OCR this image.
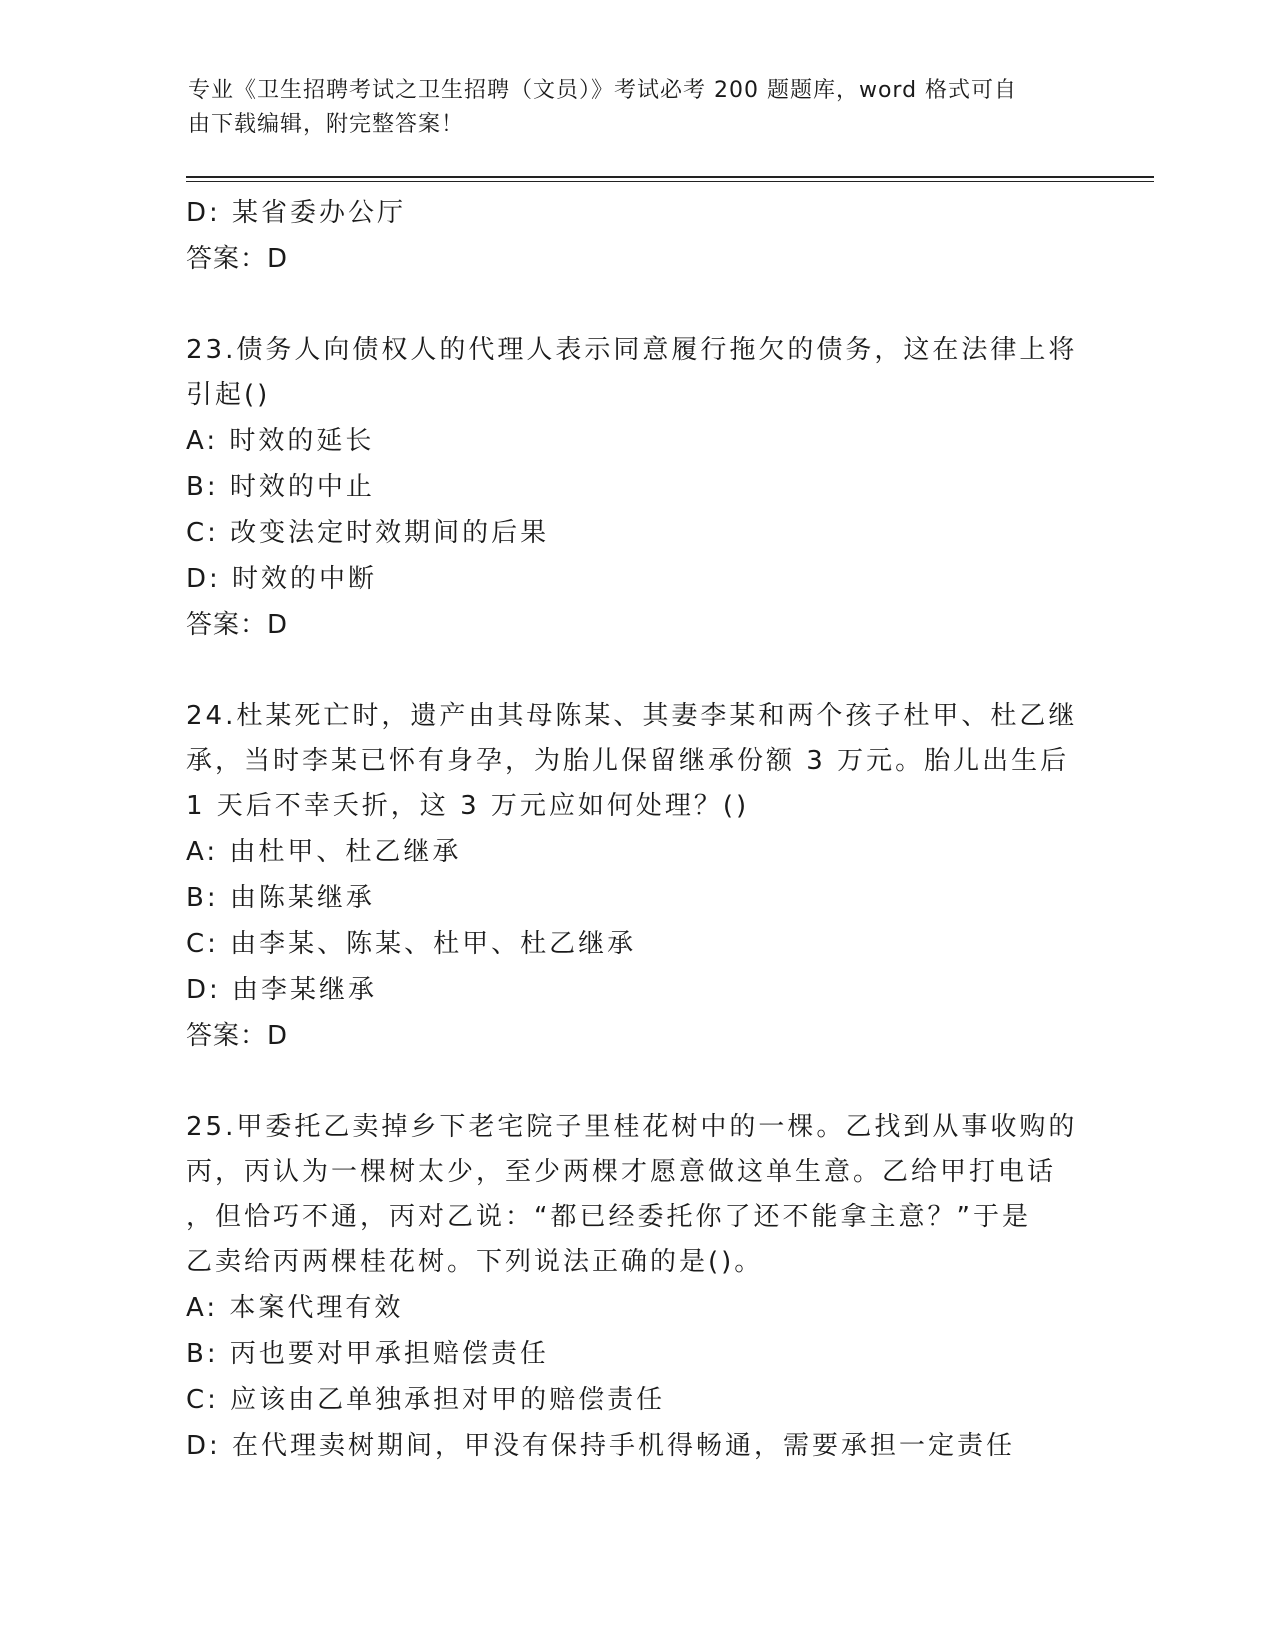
专业《卫生招聘考试之卫生招聘（文员）》考试必考 200 题题库，word 格式可自
由下载编辑，附完整答案！
D: 某省委办公厅
答案：D
23.债务人向债权人的代理人表示同意履行拖欠的债务，这在法律上将
引起()
A: 时效的延长
B: 时效的中止
C: 改变法定时效期间的后果
D: 时效的中断
答案：D
24.杜某死亡时，遗产由其母陈某、其妻李某和两个孩子杜甲、杜乙继
承，当时李某已怀有身孕，为胎儿保留继承份额 3 万元。胎儿出生后
1 天后不幸夭折，这 3 万元应如何处理？()
A: 由杜甲、杜乙继承
B: 由陈某继承
C: 由李某、陈某、杜甲、杜乙继承
D: 由李某继承
答案：D
25.甲委托乙卖掉乡下老宅院子里桂花树中的一棵。乙找到从事收购的
丙，丙认为一棵树太少，至少两棵才愿意做这单生意。乙给甲打电话
，但恰巧不通，丙对乙说：“都已经委托你了还不能拿主意？”于是
乙卖给丙两棵桂花树。下列说法正确的是()。
A: 本案代理有效
B: 丙也要对甲承担赔偿责任
C: 应该由乙单独承担对甲的赔偿责任
D: 在代理卖树期间，甲没有保持手机得畅通，需要承担一定责任
